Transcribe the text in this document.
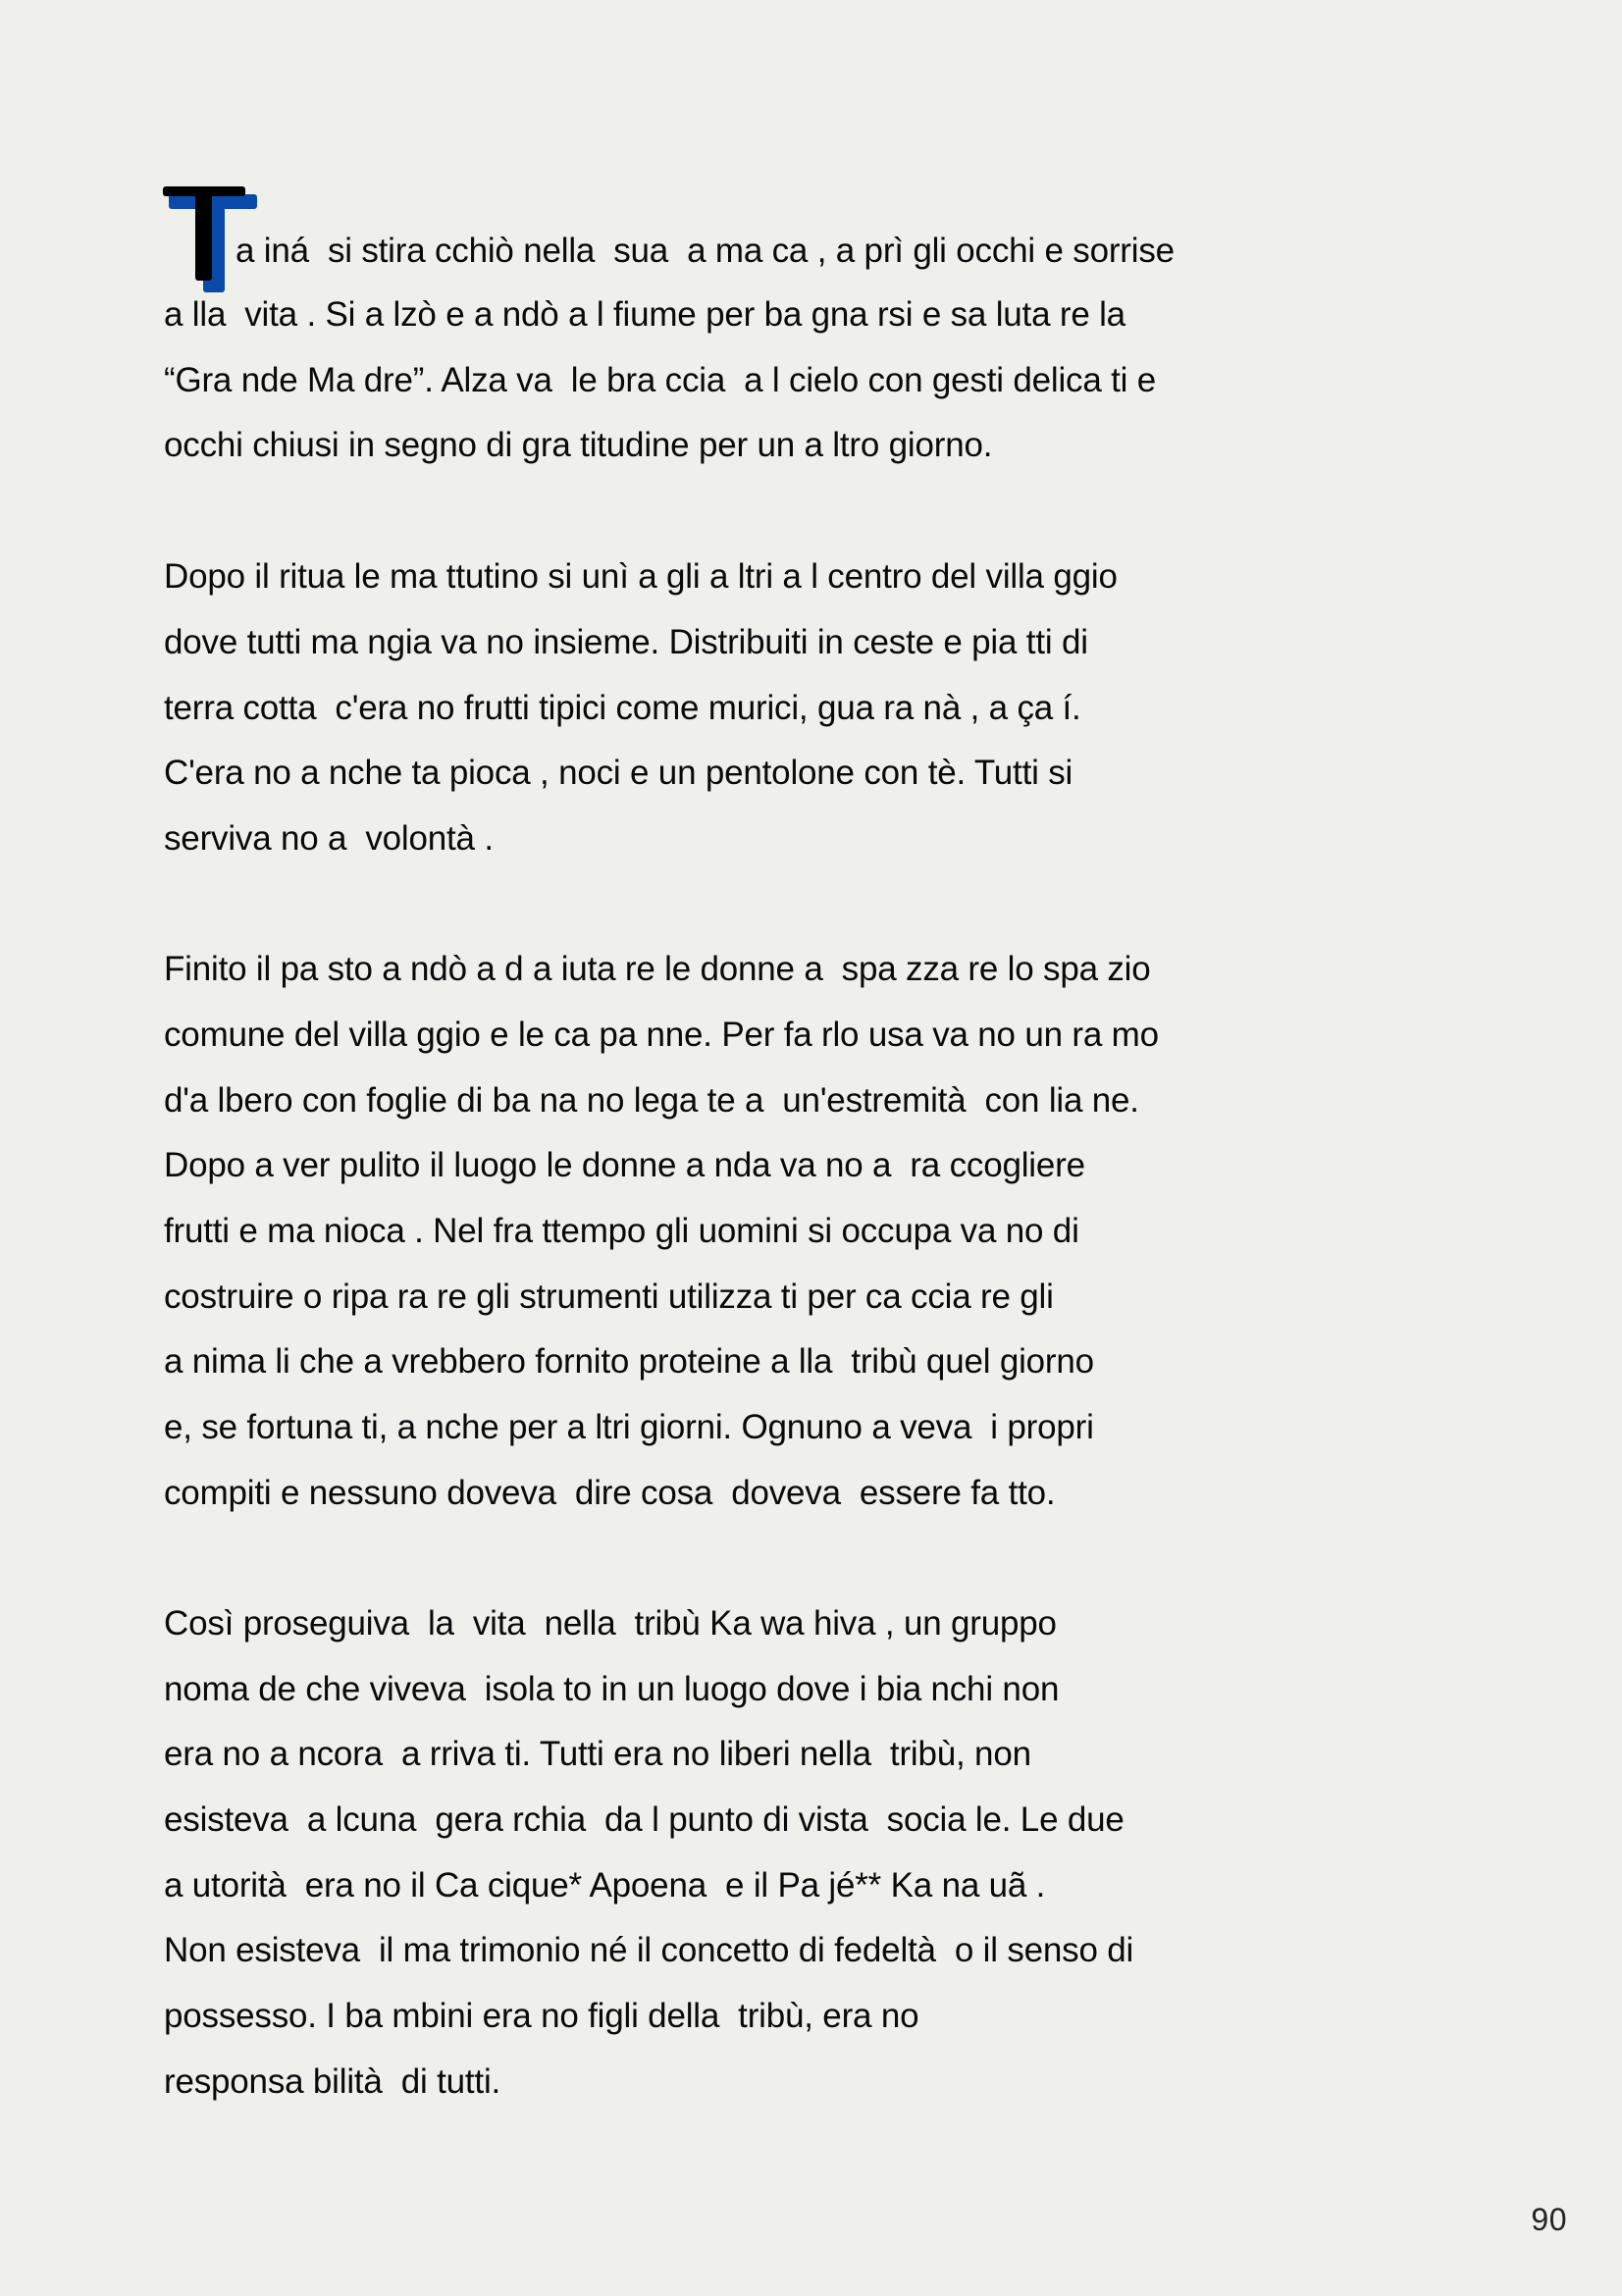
a iná  si stira cchiò nella  sua  a ma ca , a prì gli occhi e sorrise
a lla  vita . Si a lzò e a ndò a l fiume per ba gna rsi e sa luta re la
“Gra nde Ma dre”. Alza va  le bra ccia  a l cielo con gesti delica ti e
occhi chiusi in segno di gra titudine per un a ltro giorno.
Dopo il ritua le ma ttutino si unì a gli a ltri a l centro del villa ggio
dove tutti ma ngia va no insieme. Distribuiti in ceste e pia tti di
terra cotta  c'era no frutti tipici come murici, gua ra nà , a ça í.
C'era no a nche ta pioca , noci e un pentolone con tè. Tutti si
serviva no a  volontà .
Finito il pa sto a ndò a d a iuta re le donne a  spa zza re lo spa zio
comune del villa ggio e le ca pa nne. Per fa rlo usa va no un ra mo
d'a lbero con foglie di ba na no lega te a  un'estremità  con lia ne.
Dopo a ver pulito il luogo le donne a nda va no a  ra ccogliere
frutti e ma nioca . Nel fra ttempo gli uomini si occupa va no di
costruire o ripa ra re gli strumenti utilizza ti per ca ccia re gli
a nima li che a vrebbero fornito proteine a lla  tribù quel giorno
e, se fortuna ti, a nche per a ltri giorni. Ognuno a veva  i propri
compiti e nessuno doveva  dire cosa  doveva  essere fa tto.
Così proseguiva  la  vita  nella  tribù Ka wa hiva , un gruppo
noma de che viveva  isola to in un luogo dove i bia nchi non
era no a ncora  a rriva ti. Tutti era no liberi nella  tribù, non
esisteva  a lcuna  gera rchia  da l punto di vista  socia le. Le due
a utorità  era no il Ca cique* Apoena  e il Pa jé** Ka na uã .
Non esisteva  il ma trimonio né il concetto di fedeltà  o il senso di
possesso. I ba mbini era no figli della  tribù, era no
responsa bilità  di tutti.
90
